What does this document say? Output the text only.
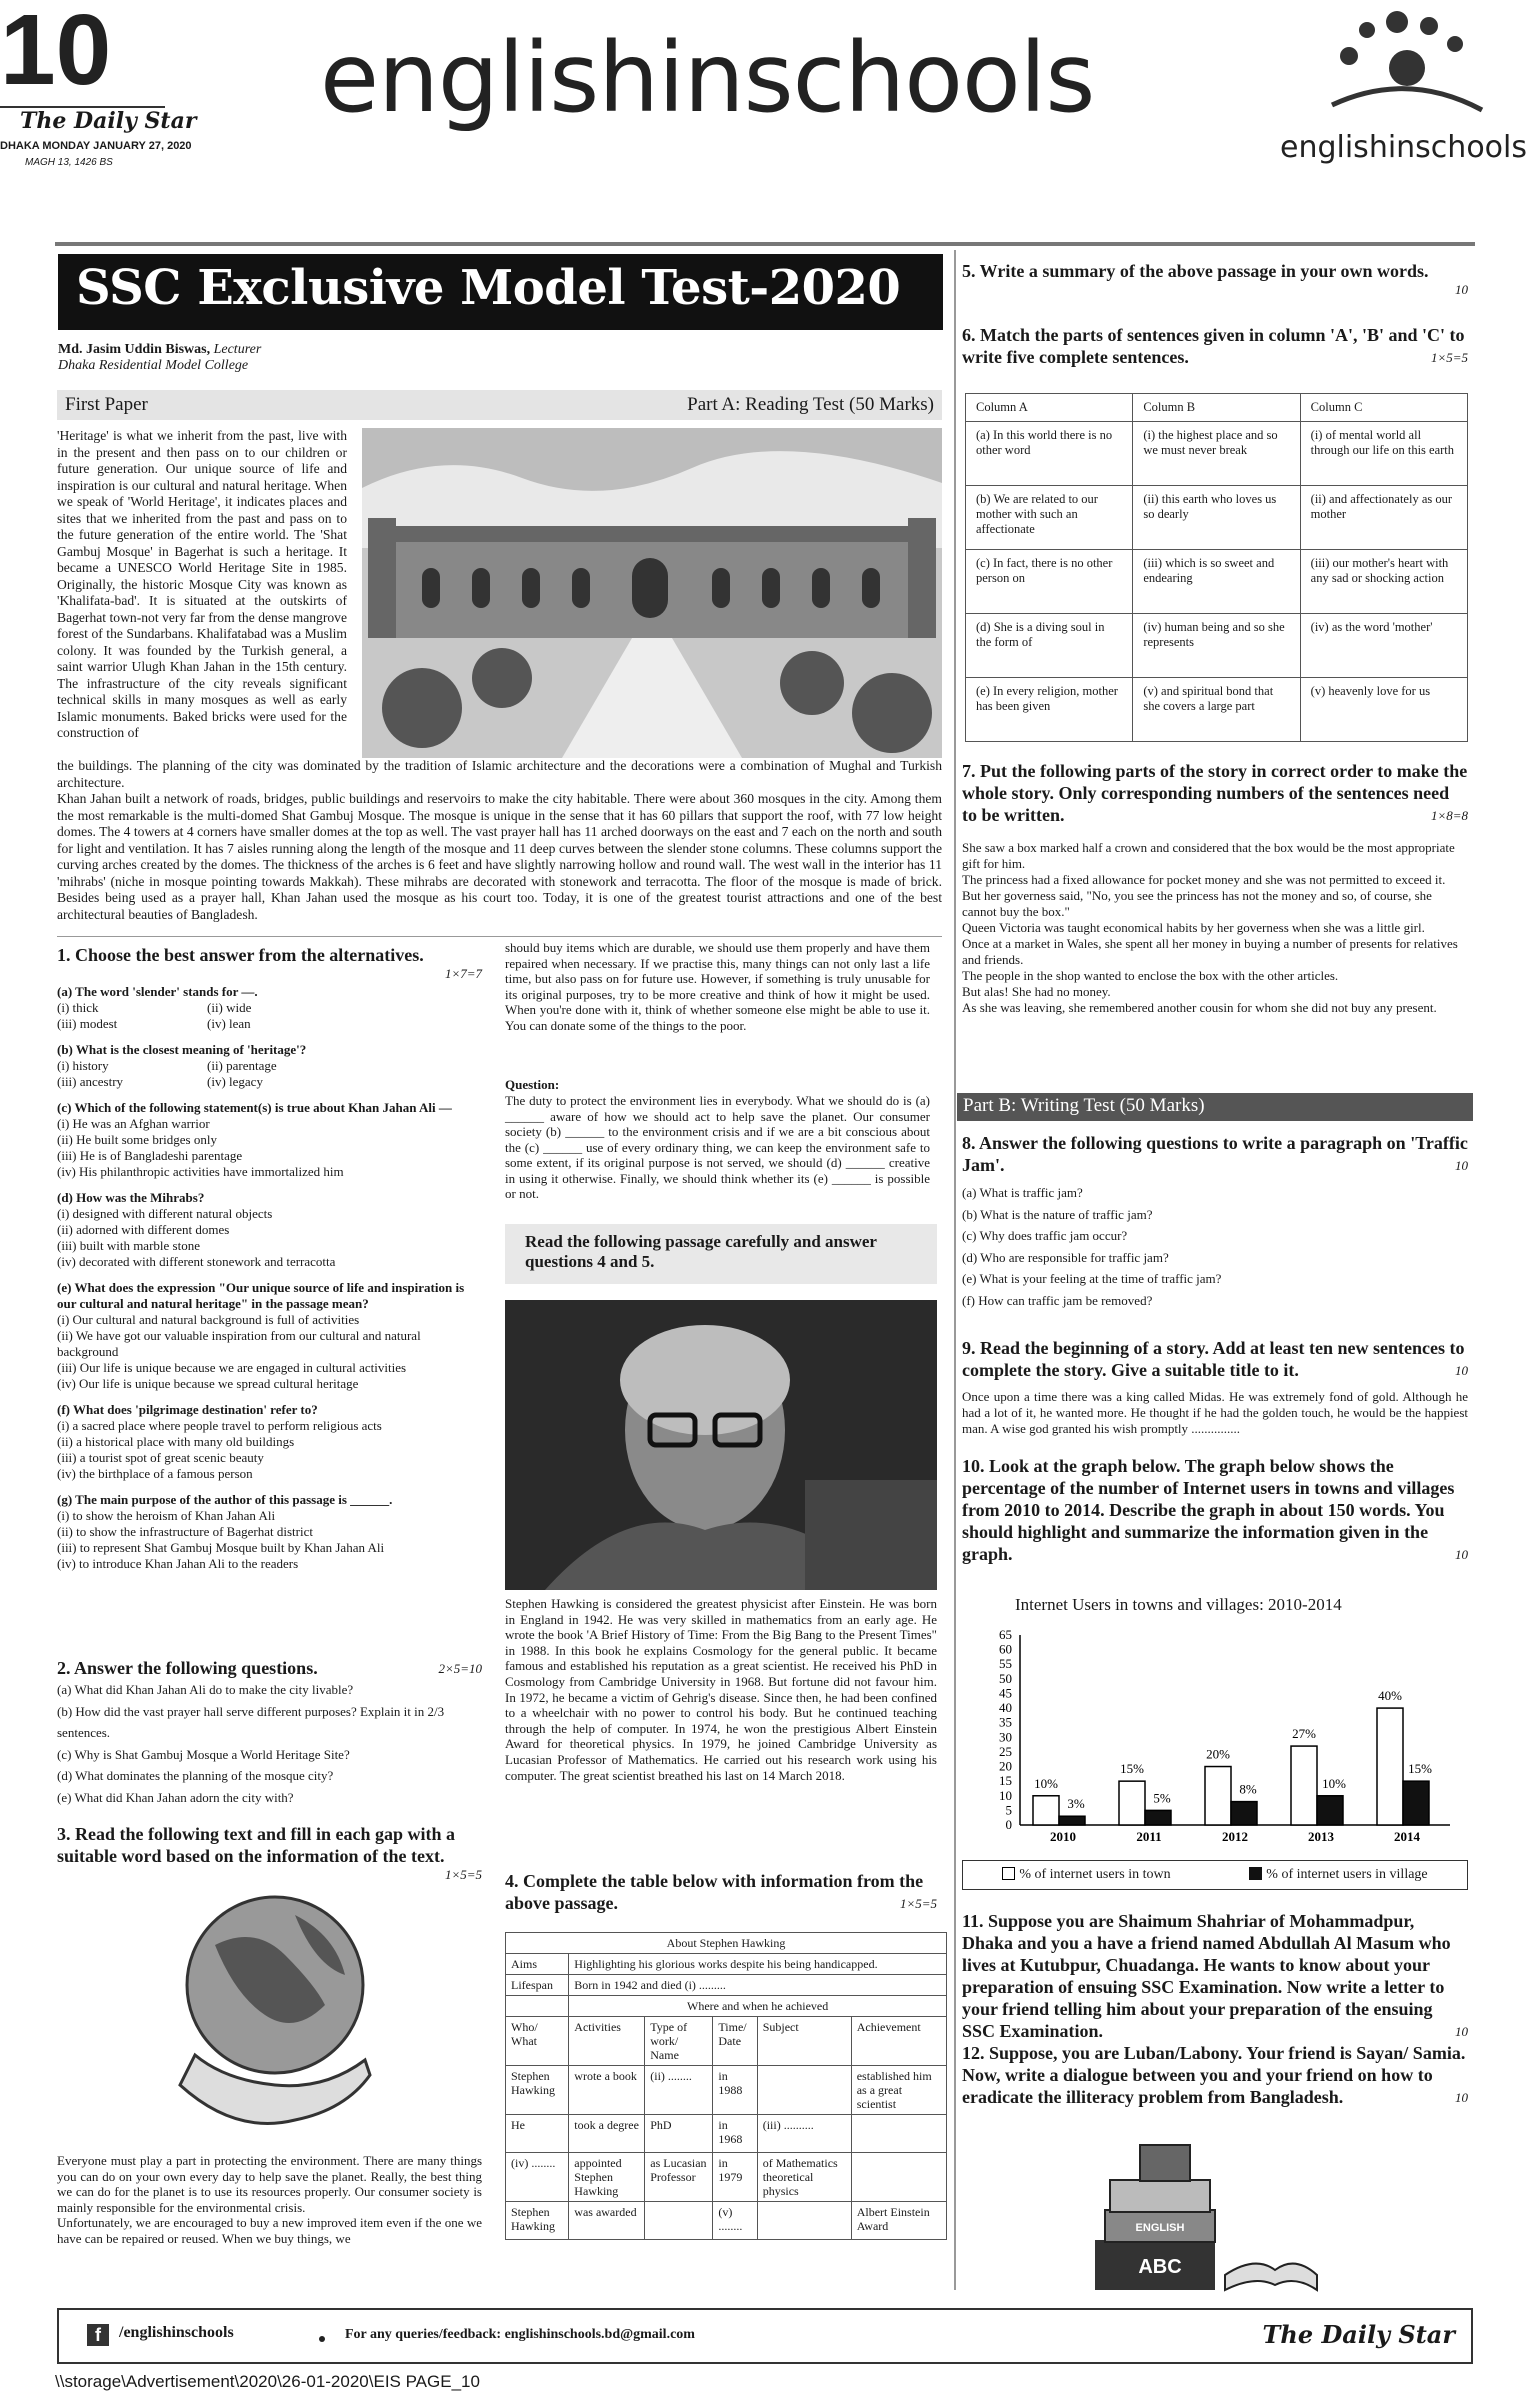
10
The Daily Star
DHAKA MONDAY JANUARY 27, 2020
MAGH 13, 1426 BS
englishinschools
englishinschools
SSC Exclusive Model Test-2020
Md. Jasim Uddin Biswas, Lecturer
Dhaka Residential Model College
First Paper	Part A: Reading Test (50 Marks)
'Heritage' is what we inherit from the past, live with in the present and then pass on to our children or future generation. Our unique source of life and inspiration is our cultural and natural heritage. When we speak of 'World Heritage', it indicates places and sites that we inherited from the past and pass on to the future generation of the entire world. The 'Shat Gambuj Mosque' in Bagerhat is such a heritage. It became a UNESCO World Heritage Site in 1985. Originally, the historic Mosque City was known as 'Khalifata-bad'. It is situated at the outskirts of Bagerhat town-not very far from the dense mangrove forest of the Sundarbans. Khalifatabad was a Muslim colony. It was founded by the Turkish general, a saint warrior Ulugh Khan Jahan in the 15th century. The infrastructure of the city reveals significant technical skills in many mosques as well as early Islamic monuments. Baked bricks were used for the construction of
the buildings. The planning of the city was dominated by the tradition of Islamic architecture and the decorations were a combination of Mughal and Turkish architecture.
Khan Jahan built a network of roads, bridges, public buildings and reservoirs to make the city habitable. There were about 360 mosques in the city. Among them the most remarkable is the multi-domed Shat Gambuj Mosque. The mosque is unique in the sense that it has 60 pillars that support the roof, with 77 low height domes. The 4 towers at 4 corners have smaller domes at the top as well. The vast prayer hall has 11 arched doorways on the east and 7 each on the north and south for light and ventilation. It has 7 aisles running along the length of the mosque and 11 deep curves between the slender stone columns. These columns support the curving arches created by the domes. The thickness of the arches is 6 feet and have slightly narrowing hollow and round wall. The west wall in the interior has 11 'mihrabs' (niche in mosque pointing towards Makkah). These mihrabs are decorated with stonework and terracotta. The floor of the mosque is made of brick. Besides being used as a prayer hall, Khan Jahan used the mosque as his court too. Today, it is one of the greatest tourist attractions and one of the best architectural beauties of Bangladesh.
1. Choose the best answer from the alternatives.
1×7=7
(a) The word 'slender' stands for —.
(i) thick	(ii) wide
(iii) modest	(iv) lean
(b) What is the closest meaning of 'heritage'?
(i) history	(ii) parentage
(iii) ancestry	(iv) legacy
(c) Which of the following statement(s) is true about Khan Jahan Ali —
(i) He was an Afghan warrior
(ii) He built some bridges only
(iii) He is of Bangladeshi parentage
(iv) His philanthropic activities have immortalized him
(d) How was the Mihrabs?
(i) designed with different natural objects
(ii) adorned with different domes
(iii) built with marble stone
(iv) decorated with different stonework and terracotta
(e) What does the expression "Our unique source of life and inspiration is our cultural and natural heritage" in the passage mean?
(i) Our cultural and natural background is full of activities
(ii) We have got our valuable inspiration from our cultural and natural background
(iii) Our life is unique because we are engaged in cultural activities
(iv) Our life is unique because we spread cultural heritage
(f) What does 'pilgrimage destination' refer to?
(i) a sacred place where people travel to perform religious acts
(ii) a historical place with many old buildings
(iii) a tourist spot of great scenic beauty
(iv) the birthplace of a famous person
(g) The main purpose of the author of this passage is ______.
(i) to show the heroism of Khan Jahan Ali
(ii) to show the infrastructure of Bagerhat district
(iii) to represent Shat Gambuj Mosque built by Khan Jahan Ali
(iv) to introduce Khan Jahan Ali to the readers
2. Answer the following questions.	2×5=10
(a) What did Khan Jahan Ali do to make the city livable?
(b) How did the vast prayer hall serve different purposes? Explain it in 2/3 sentences.
(c) Why is Shat Gambuj Mosque a World Heritage Site?
(d) What dominates the planning of the mosque city?
(e) What did Khan Jahan adorn the city with?
3. Read the following text and fill in each gap with a suitable word based on the information of the text.
1×5=5
Everyone must play a part in protecting the environment. There are many things you can do on your own every day to help save the planet. Really, the best thing we can do for the planet is to use its resources properly. Our consumer society is mainly responsible for the environmental crisis.
Unfortunately, we are encouraged to buy a new improved item even if the one we have can be repaired or reused. When we buy things, we
should buy items which are durable, we should use them properly and have them repaired when necessary. If we practise this, many things can not only last a life time, but also pass on for future use. However, if something is truly unusable for its original purposes, try to be more creative and think of how it might be used. When you're done with it, think of whether someone else might be able to use it. You can donate some of the things to the poor.
Question:
The duty to protect the environment lies in everybody. What we should do is (a) ______ aware of how we should act to help save the planet. Our consumer society (b) ______ to the environment crisis and if we are a bit conscious about the (c) ______ use of every ordinary thing, we can keep the environment safe to some extent, if its original purpose is not served, we should (d) ______ creative in using it otherwise. Finally, we should think whether its (e) ______ is possible or not.
Read the following passage carefully and answer questions 4 and 5.
Stephen Hawking is considered the greatest physicist after Einstein. He was born in England in 1942. He was very skilled in mathematics from an early age. He wrote the book 'A Brief History of Time: From the Big Bang to the Present Times" in 1988. In this book he explains Cosmology for the general public. It became famous and established his reputation as a great scientist. He received his PhD in Cosmology from Cambridge University in 1968. But fortune did not favour him. In 1972, he became a victim of Gehrig's disease. Since then, he had been confined to a wheelchair with no power to control his body. But he continued teaching through the help of computer. In 1974, he won the prestigious Albert Einstein Award for theoretical physics. In 1979, he joined Cambridge University as Lucasian Professor of Mathematics. He carried out his research work using his computer. The great scientist breathed his last on 14 March 2018.
4. Complete the table below with information from the above passage.	1×5=5
About Stephen Hawking					
Aims	Highlighting his glorious works despite his being handicapped.				
Lifespan	Born in 1942 and died (i) .........				
	Where and when he achieved				
Who/ What	Activities	Type of work/ Name	Time/ Date	Subject	Achievement
Stephen Hawking	wrote a book	(ii) ........	in 1988		established him as a great scientist
He	took a degree	PhD	in 1968	(iii) ..........	
(iv) ........	appointed Stephen Hawking	as Lucasian Professor	in 1979	of Mathematics theoretical physics	
Stephen Hawking	was awarded		(v) ........		Albert Einstein Award
5. Write a summary of the above passage in your own words.
10
6. Match the parts of sentences given in column 'A', 'B' and 'C' to write five complete sentences.	1×5=5
Column A	Column B	Column C
(a) In this world there is no other word	(i) the highest place and so we must never break	(i) of mental world all through our life on this earth
(b) We are related to our mother with such an affectionate	(ii) this earth who loves us so dearly	(ii) and affectionately as our mother
(c) In fact, there is no other person on	(iii) which is so sweet and endearing	(iii) our mother's heart with any sad or shocking action
(d) She is a diving soul in the form of	(iv) human being and so she represents	(iv) as the word 'mother'
(e) In every religion, mother has been given	(v) and spiritual bond that she covers a large part	(v) heavenly love for us
7. Put the following parts of the story in correct order to make the whole story. Only corresponding numbers of the sentences need to be written.	1×8=8
She saw a box marked half a crown and considered that the box would be the most appropriate gift for him.
The princess had a fixed allowance for pocket money and she was not permitted to exceed it.
But her governess said, "No, you see the princess has not the money and so, of course, she cannot buy the box."
Queen Victoria was taught economical habits by her governess when she was a little girl.
Once at a market in Wales, she spent all her money in buying a number of presents for relatives and friends.
The people in the shop wanted to enclose the box with the other articles.
But alas! She had no money.
As she was leaving, she remembered another cousin for whom she did not buy any present.
Part B: Writing Test (50 Marks)
8. Answer the following questions to write a paragraph on 'Traffic Jam'.	10
(a) What is traffic jam?
(b) What is the nature of traffic jam?
(c) Why does traffic jam occur?
(d) Who are responsible for traffic jam?
(e) What is your feeling at the time of traffic jam?
(f) How can traffic jam be removed?
9. Read the beginning of a story. Add at least ten new sentences to complete the story. Give a suitable title to it.	10
Once upon a time there was a king called Midas. He was extremely fond of gold. Although he had a lot of it, he wanted more. He thought if he had the golden touch, he would be the happiest man. A wise god granted his wish promptly ...............
10. Look at the graph below. The graph below shows the percentage of the number of Internet users in towns and villages from 2010 to 2014. Describe the graph in about 150 words. You should highlight and summarize the information given in the graph.	10
Internet Users in towns and villages: 2010-2014
65
60
55
50
45
40
35
30
25
20
15
10
5
0
2010
10%
3%
2011
15%
5%
2012
20%
8%
2013
27%
10%
2014
40%
15%
% of internet users in town	% of internet users in village
11. Suppose you are Shaimum Shahriar of Mohammadpur, Dhaka and you a have a friend named Abdullah Al Masum who lives at Kutubpur, Chuadanga. He wants to know about your preparation of ensuing SSC Examination. Now write a letter to your friend telling him about your preparation of the ensuing SSC Examination.	10
12. Suppose, you are Luban/Labony. Your friend is Sayan/ Samia. Now, write a dialogue between you and your friend on how to eradicate the illiteracy problem from Bangladesh.	10
ENGLISH
ABC
f	/englishinschools	For any queries/feedback: englishinschools.bd@gmail.com	The Daily Star
\\storage\Advertisement\2020\26-01-2020\EIS PAGE_10
